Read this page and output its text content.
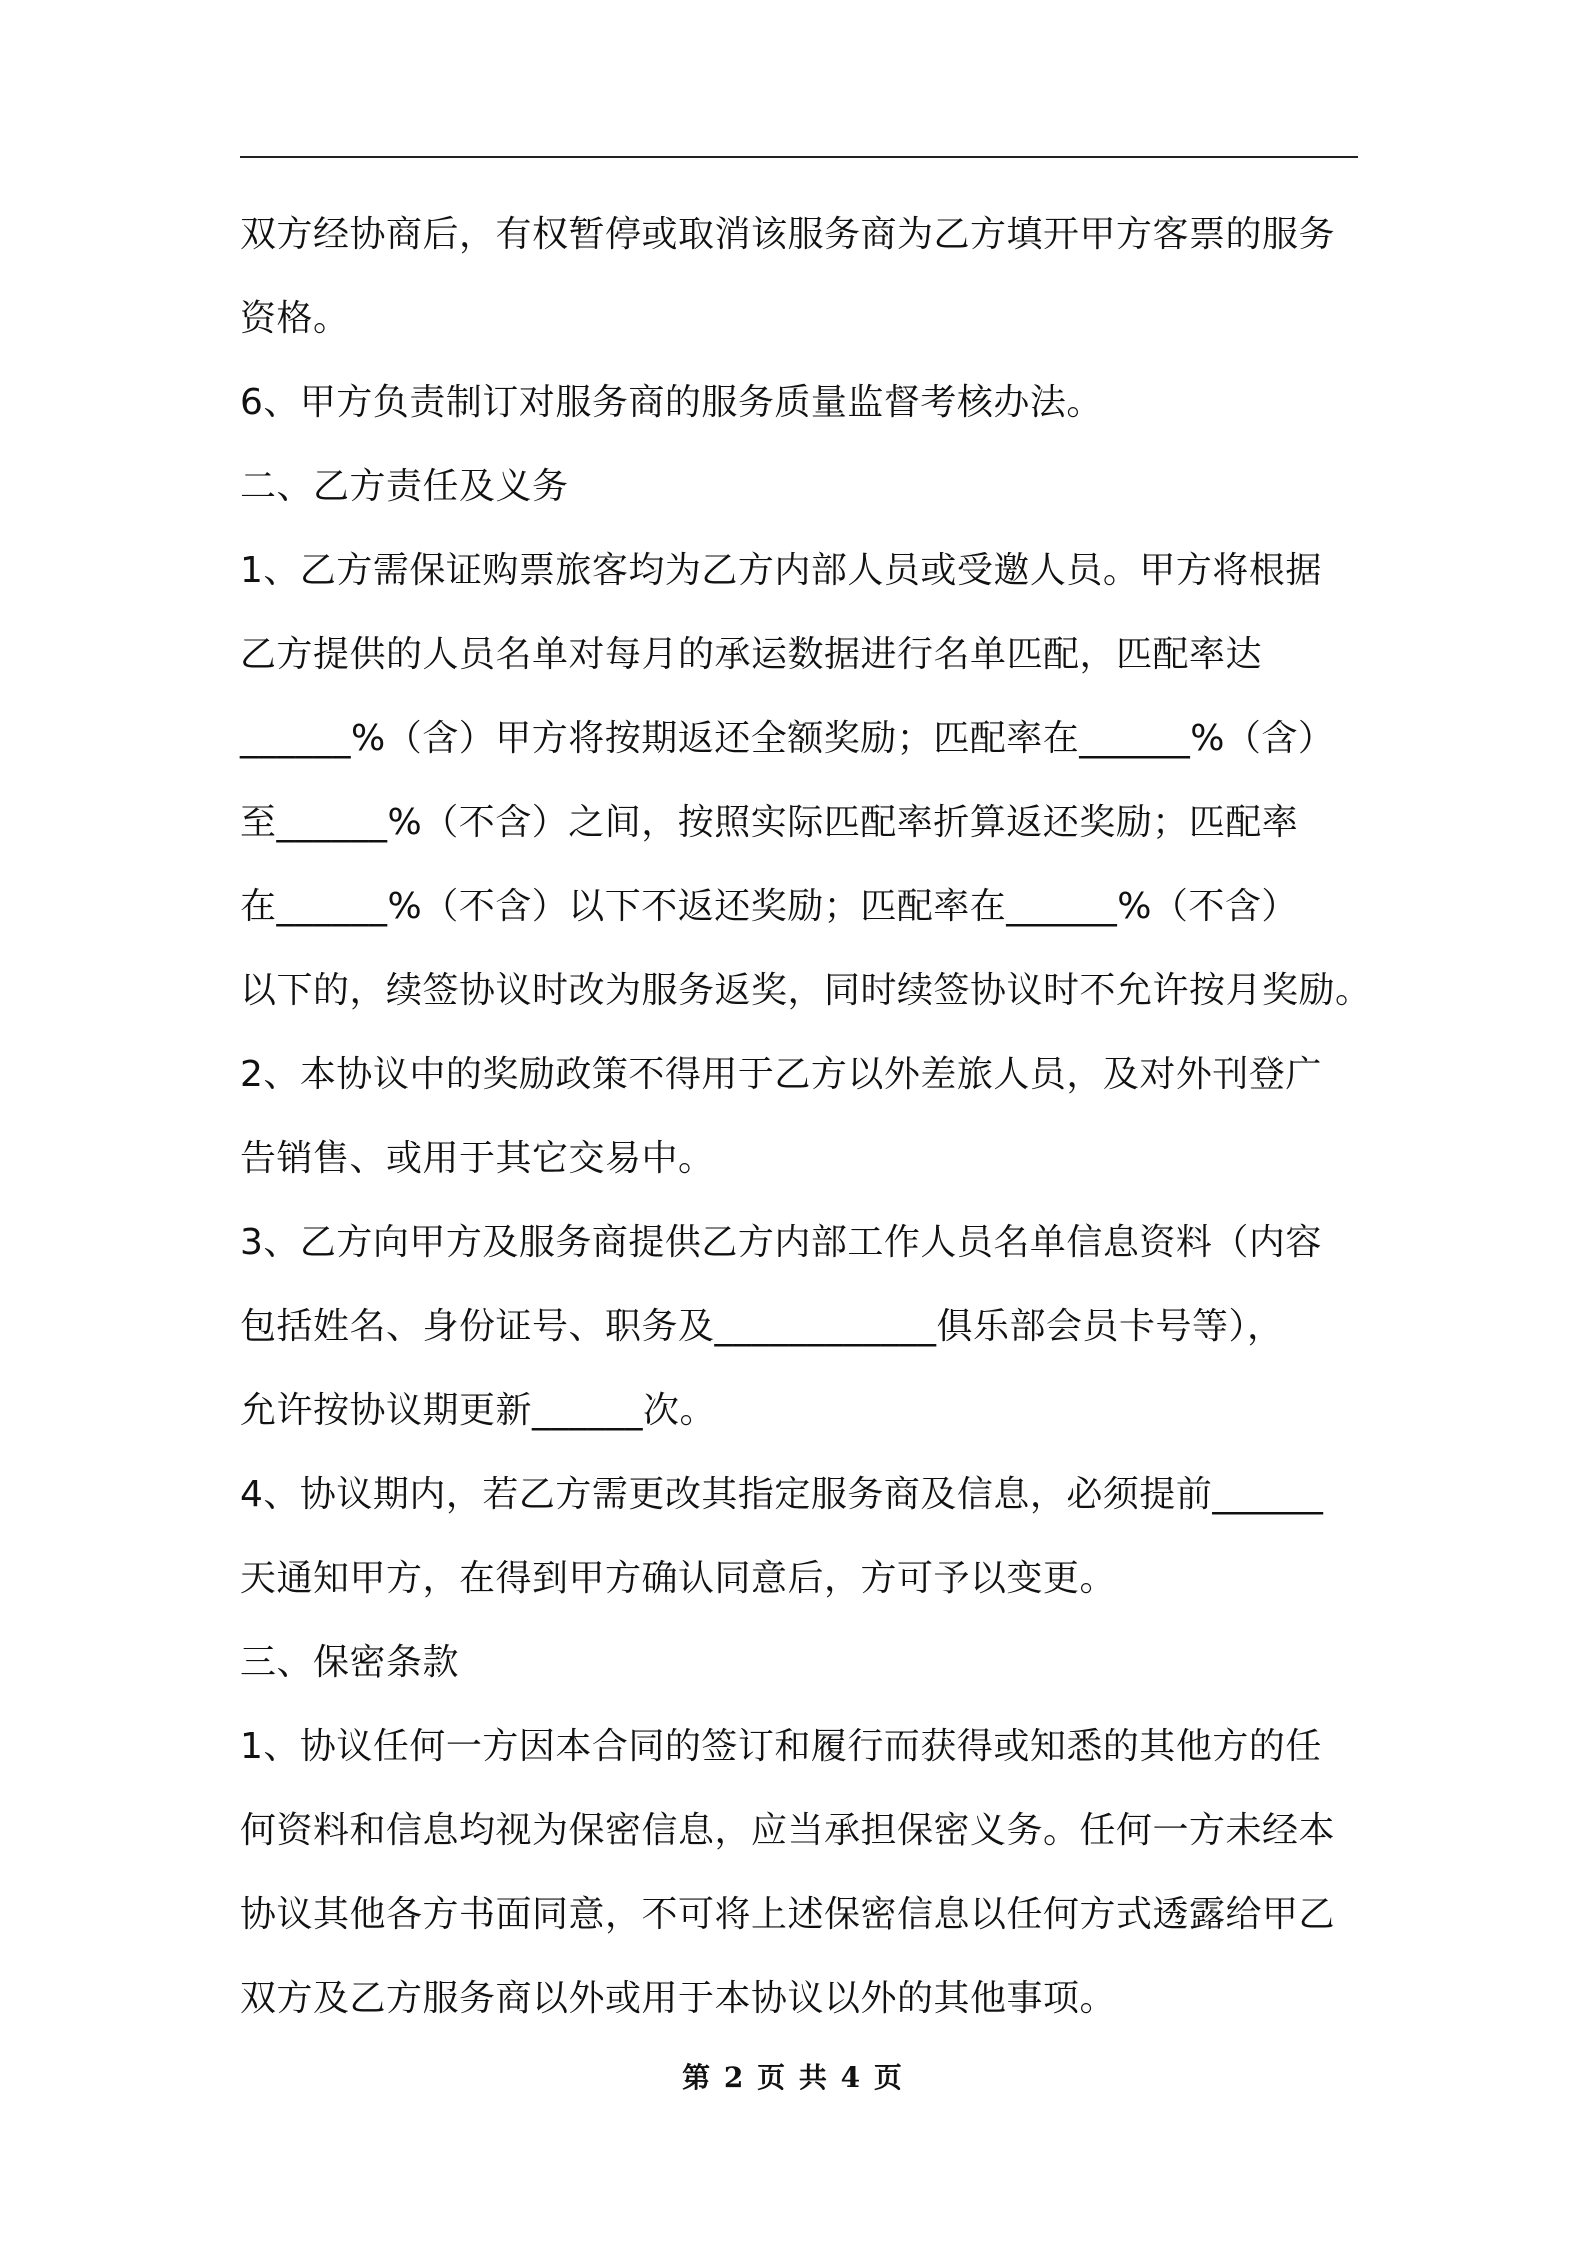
双方经协商后，有权暂停或取消该服务商为乙方填开甲方客票的服务
资格。
6、甲方负责制订对服务商的服务质量监督考核办法。
二、乙方责任及义务
1、乙方需保证购票旅客均为乙方内部人员或受邀人员。甲方将根据
乙方提供的人员名单对每月的承运数据进行名单匹配，匹配率达
______%（含）甲方将按期返还全额奖励；匹配率在______%（含）
至______%（不含）之间，按照实际匹配率折算返还奖励；匹配率
在______%（不含）以下不返还奖励；匹配率在______%（不含）
以下的，续签协议时改为服务返奖，同时续签协议时不允许按月奖励。
2、本协议中的奖励政策不得用于乙方以外差旅人员，及对外刊登广
告销售、或用于其它交易中。
3、乙方向甲方及服务商提供乙方内部工作人员名单信息资料（内容
包括姓名、身份证号、职务及____________俱乐部会员卡号等），
允许按协议期更新______次。
4、协议期内，若乙方需更改其指定服务商及信息，必须提前______
天通知甲方，在得到甲方确认同意后，方可予以变更。
三、保密条款
1、协议任何一方因本合同的签订和履行而获得或知悉的其他方的任
何资料和信息均视为保密信息，应当承担保密义务。任何一方未经本
协议其他各方书面同意，不可将上述保密信息以任何方式透露给甲乙
双方及乙方服务商以外或用于本协议以外的其他事项。
第 2 页 共 4 页
